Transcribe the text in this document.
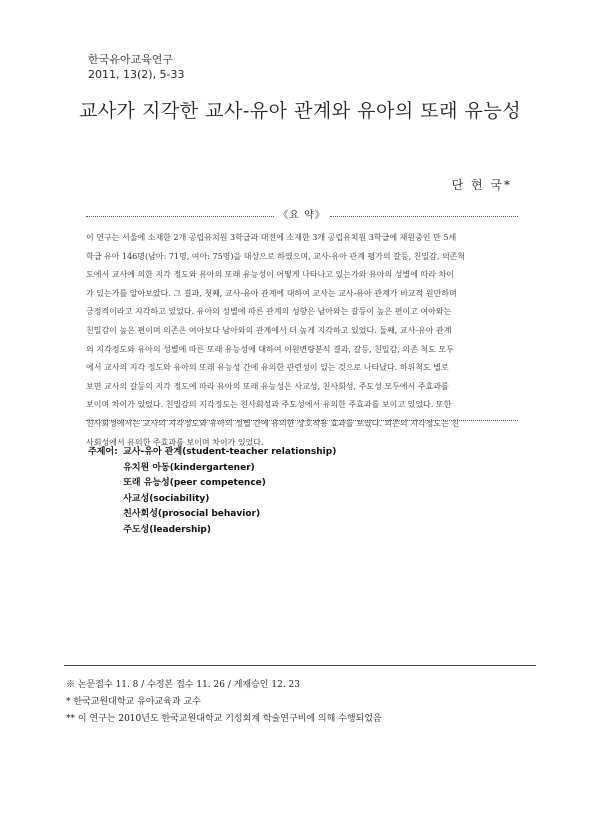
한국유아교육연구
2011, 13(2), 5-33
교사가 지각한 교사-유아 관계와 유아의 또래 유능성
단 현 국*
《요 약》
이 연구는 서울에 소재한 2개 공립유치원 3학급과 대전에 소재한 3개 공립유치원 3학급에 재원중인 만 5세
학급 유아 146명(남아: 71명, 여아: 75명)을 대상으로 하였으며, 교사-유아 관계 평가의 갈등, 친밀감, 의존척
도에서 교사에 의한 지각 정도와 유아의 또래 유능성이 어떻게 나타나고 있는가와 유아의 성별에 따라 차이
가 있는가를 알아보았다. 그 결과, 첫째, 교사-유아 관계에 대하여 교사는 교사-유아 관계가 비교적 원만하며
긍정적이라고 지각하고 있었다. 유아의 성별에 따른 관계의 성향은 남아와는 갈등이 높은 편이고 여아와는
친밀감이 높은 편이며 의존은 여아보다 남아와의 관계에서 더 높게 지각하고 있었다. 둘째, 교사-유아 관계
의 지각정도와 유아의 성별에 따른 또래 유능성에 대하여 이원변량분석 결과, 갈등, 친밀감, 의존 척도 모두
에서 교사의 지각 정도와 유아의 또래 유능성 간에 유의한 관련성이 있는 것으로 나타났다. 하위척도 별로
보면 교사의 갈등의 지각 정도에 따라 유아의 또래 유능성은 사교성, 친사회성, 주도성 모두에서 주효과를
보이며 차이가 있었다. 친밀감의 지각정도는 친사회성과 주도성에서 유의한 주효과를 보이고 있었다. 또한
친사회성에서는 교사의 지각정도와 유아의 성별 간에 유의한 상호작용 효과를 보였다. 의존의 지각정도는 친
사회성에서 유의한 주효과를 보이며 차이가 있었다.
주제어: 교사-유아 관계(student-teacher relationship)
유치원 아동(kindergartener)
또래 유능성(peer competence)
사교성(sociability)
친사회성(prosocial behavior)
주도성(leadership)
※ 논문접수 11. 8 / 수정본 접수 11. 26 / 게재승인 12. 23
* 한국교원대학교 유아교육과 교수
** 이 연구는 2010년도 한국교원대학교 기성회계 학술연구비에 의해 수행되었음
